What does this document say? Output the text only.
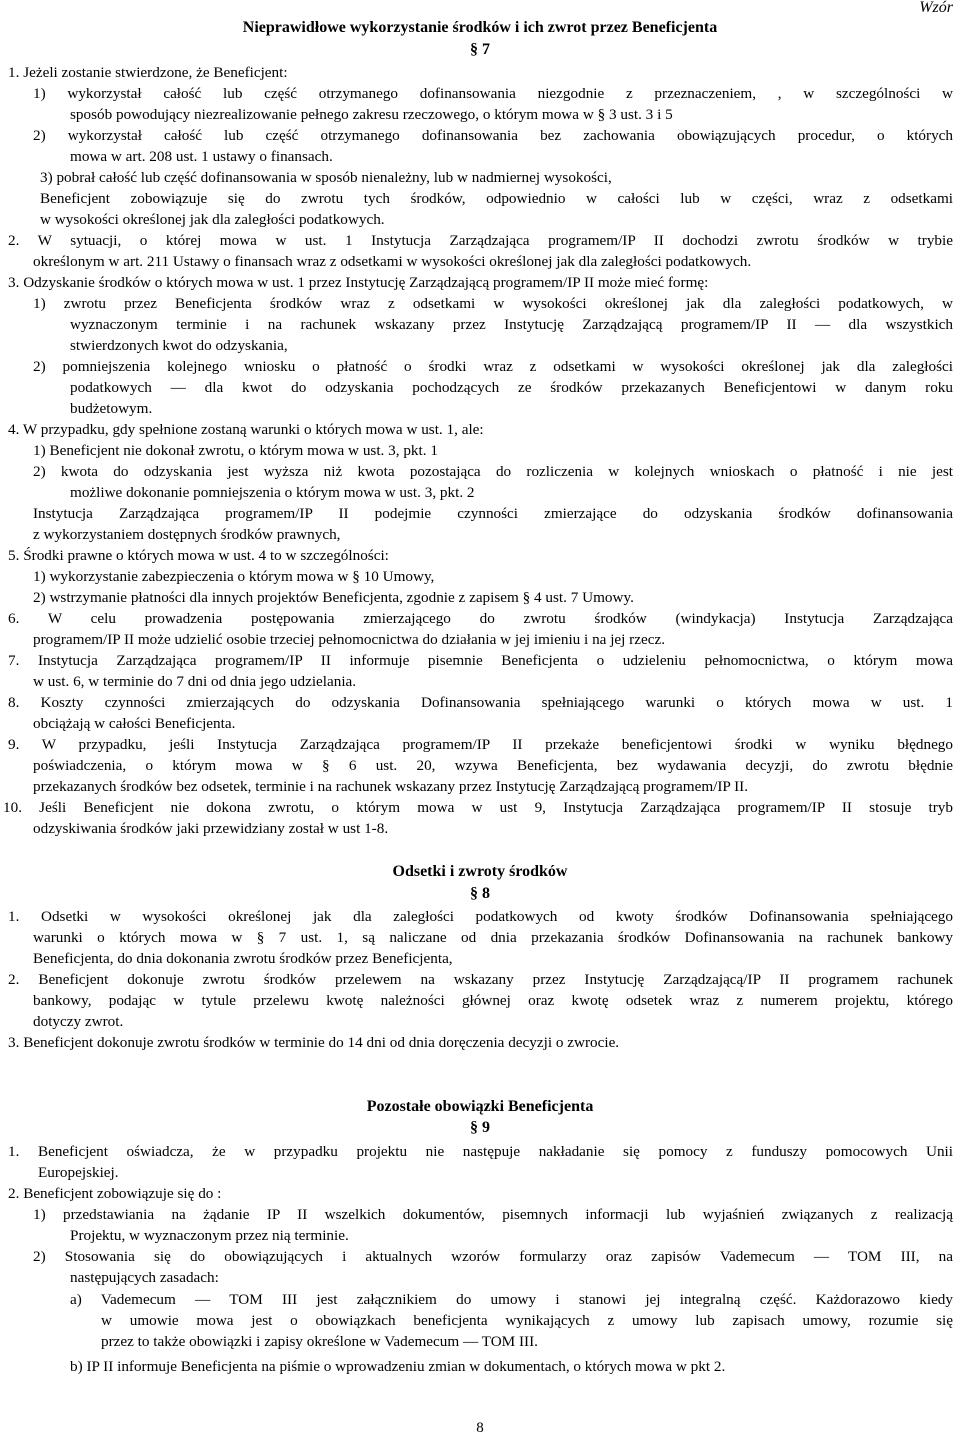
Wzór
Nieprawidłowe wykorzystanie środków i ich zwrot przez Beneficjenta
§ 7
1. Jeżeli zostanie stwierdzone, że Beneficjent:
1) wykorzystał całość lub część otrzymanego dofinansowania niezgodnie z przeznaczeniem, , w szczególności w
sposób powodujący niezrealizowanie pełnego zakresu rzeczowego, o którym mowa w § 3 ust. 3 i 5
2) wykorzystał całość lub część otrzymanego dofinansowania bez zachowania obowiązujących procedur, o których
mowa w art. 208 ust. 1 ustawy o finansach.
3) pobrał całość lub część dofinansowania w sposób nienależny, lub w nadmiernej wysokości,
Beneficjent zobowiązuje się do zwrotu tych środków, odpowiednio w całości lub w części, wraz z odsetkami
w wysokości określonej jak dla zaległości podatkowych.
2. W sytuacji, o której mowa w ust. 1 Instytucja Zarządzająca programem/IP II dochodzi zwrotu środków w trybie
określonym w art. 211 Ustawy o finansach wraz z odsetkami w wysokości określonej jak dla zaległości podatkowych.
3. Odzyskanie środków o których mowa w ust. 1 przez Instytucję Zarządzającą programem/IP II może mieć formę:
1) zwrotu przez Beneficjenta środków wraz z odsetkami w wysokości określonej jak dla zaległości podatkowych, w
wyznaczonym terminie i na rachunek wskazany przez Instytucję Zarządzającą programem/IP II — dla wszystkich
stwierdzonych kwot do odzyskania,
2) pomniejszenia kolejnego wniosku o płatność o środki wraz z odsetkami w wysokości określonej jak dla zaległości
podatkowych — dla kwot do odzyskania pochodzących ze środków przekazanych Beneficjentowi w danym roku
budżetowym.
4. W przypadku, gdy spełnione zostaną warunki o których mowa w ust. 1, ale:
1) Beneficjent nie dokonał zwrotu, o którym mowa w ust. 3, pkt. 1
2) kwota do odzyskania jest wyższa niż kwota pozostająca do rozliczenia w kolejnych wnioskach o płatność i nie jest
możliwe dokonanie pomniejszenia o którym mowa w ust. 3, pkt. 2
Instytucja Zarządzająca programem/IP II podejmie czynności zmierzające do odzyskania środków dofinansowania
z wykorzystaniem dostępnych środków prawnych,
5. Środki prawne o których mowa w ust. 4 to w szczególności:
1) wykorzystanie zabezpieczenia o którym mowa w § 10 Umowy,
2) wstrzymanie płatności dla innych projektów Beneficjenta, zgodnie z zapisem § 4 ust. 7 Umowy.
6. W celu prowadzenia postępowania zmierzającego do zwrotu środków (windykacja) Instytucja Zarządzająca
programem/IP II może udzielić osobie trzeciej pełnomocnictwa do działania w jej imieniu i na jej rzecz.
7. Instytucja Zarządzająca programem/IP II informuje pisemnie Beneficjenta o udzieleniu pełnomocnictwa, o którym mowa
w ust. 6, w terminie do 7 dni od dnia jego udzielania.
8. Koszty czynności zmierzających do odzyskania Dofinansowania spełniającego warunki o których mowa w ust. 1
obciążają w całości Beneficjenta.
9. W przypadku, jeśli Instytucja Zarządzająca programem/IP II przekaże beneficjentowi środki w wyniku błędnego
poświadczenia, o którym mowa w § 6 ust. 20, wzywa Beneficjenta, bez wydawania decyzji, do zwrotu błędnie
przekazanych środków bez odsetek, terminie i na rachunek wskazany przez Instytucję Zarządzającą programem/IP II.
10. Jeśli Beneficjent nie dokona zwrotu, o którym mowa w ust 9, Instytucja Zarządzająca programem/IP II stosuje tryb
odzyskiwania środków jaki przewidziany został w ust 1-8.
Odsetki i zwroty środków
§ 8
1. Odsetki w wysokości określonej jak dla zaległości podatkowych od kwoty środków Dofinansowania spełniającego
warunki o których mowa w § 7 ust. 1, są naliczane od dnia przekazania środków Dofinansowania na rachunek bankowy
Beneficjenta, do dnia dokonania zwrotu środków przez Beneficjenta,
2. Beneficjent dokonuje zwrotu środków przelewem na wskazany przez Instytucję Zarządzającą/IP II programem rachunek
bankowy, podając w tytule przelewu kwotę należności głównej oraz kwotę odsetek wraz z numerem projektu, którego
dotyczy zwrot.
3. Beneficjent dokonuje zwrotu środków w terminie do 14 dni od dnia doręczenia decyzji o zwrocie.
Pozostałe obowiązki Beneficjenta
§ 9
1. Beneficjent oświadcza, że w przypadku projektu nie następuje nakładanie się pomocy z funduszy pomocowych Unii
Europejskiej.
2. Beneficjent zobowiązuje się do :
1) przedstawiania na żądanie IP II wszelkich dokumentów, pisemnych informacji lub wyjaśnień związanych z realizacją
Projektu, w wyznaczonym przez nią terminie.
2) Stosowania się do obowiązujących i aktualnych wzorów formularzy oraz zapisów Vademecum — TOM III, na
następujących zasadach:
a) Vademecum — TOM III jest załącznikiem do umowy i stanowi jej integralną część. Każdorazowo kiedy
w umowie mowa jest o obowiązkach beneficjenta wynikających z umowy lub zapisach umowy, rozumie się
przez to także obowiązki i zapisy określone w Vademecum — TOM III.
b) IP II informuje Beneficjenta na piśmie o wprowadzeniu zmian w dokumentach, o których mowa w pkt 2.
8
